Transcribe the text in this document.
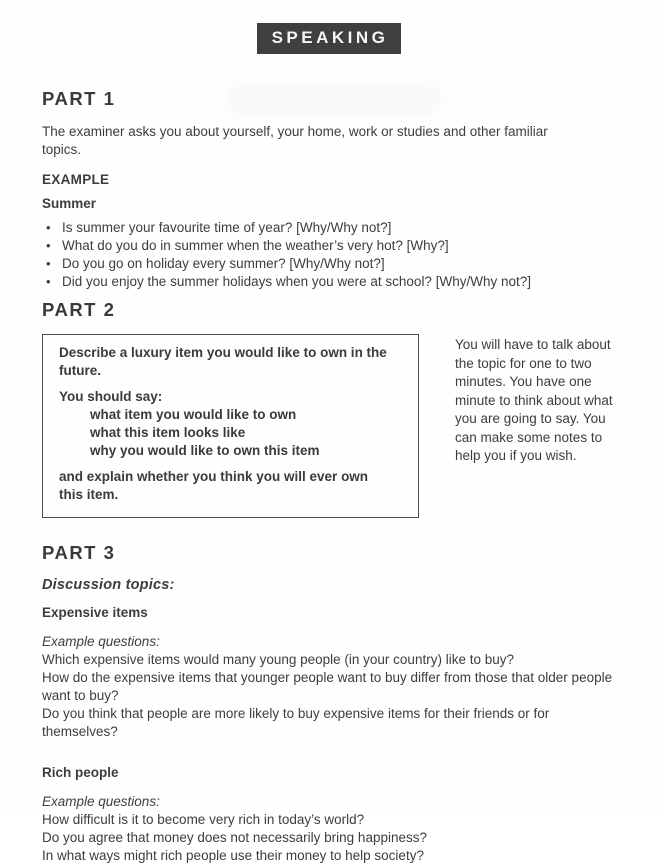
SPEAKING
PART 1

The examiner asks you about yourself, your home, work or studies and other familiar topics.

EXAMPLE
Summer
• Is summer your favourite time of year? [Why/Why not?]
• What do you do in summer when the weather’s very hot? [Why?]
• Do you go on holiday every summer? [Why/Why not?]
• Did you enjoy the summer holidays when you were at school? [Why/Why not?]
PART 2

Describe a luxury item you would like to own in the future.

You should say:

what item you would like to own
what this item looks like
why you would like to own this item

and explain whether you think you will ever own this item.

You will have to talk about the topic for one to two minutes. You have one minute to think about what you are going to say. You can make some notes to help you if you wish.
PART 3
Discussion topics:
Expensive items

Example questions:

Which expensive items would many young people (in your country) like to buy?

How do the expensive items that younger people want to buy differ from those that older people want to buy?

Do you think that people are more likely to buy expensive items for their friends or for themselves?

Rich people

Example questions:

How difficult is it to become very rich in today’s world?

Do you agree that money does not necessarily bring happiness?

In what ways might rich people use their money to help society?
